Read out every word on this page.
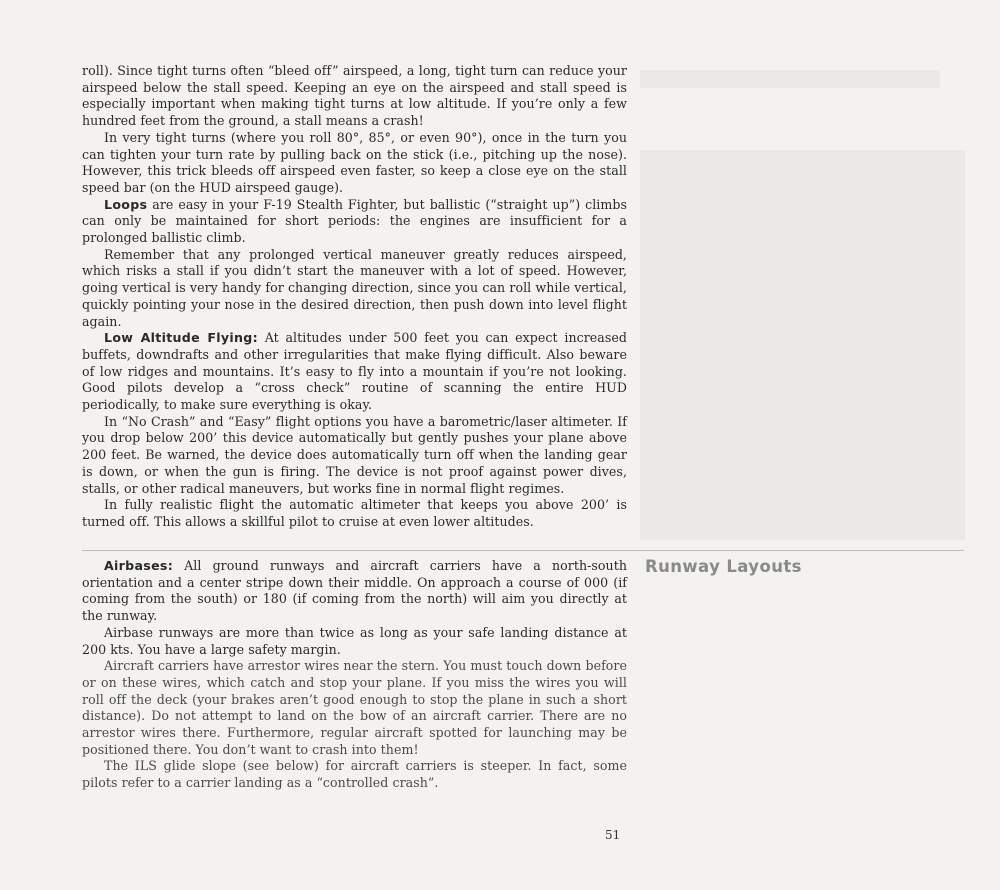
roll). Since tight turns often “bleed off” airspeed, a long, tight turn can reduce your airspeed below the stall speed. Keeping an eye on the airspeed and stall speed is especially important when making tight turns at low altitude. If you’re only a few hundred feet from the ground, a stall means a crash!

In very tight turns (where you roll 80°, 85°, or even 90°), once in the turn you can tighten your turn rate by pulling back on the stick (i.e., pitching up the nose). However, this trick bleeds off airspeed even faster, so keep a close eye on the stall speed bar (on the HUD airspeed gauge).

Loops are easy in your F-19 Stealth Fighter, but ballistic (“straight up”) climbs can only be maintained for short periods: the engines are insufficient for a prolonged ballistic climb.

Remember that any prolonged vertical maneuver greatly reduces airspeed, which risks a stall if you didn’t start the maneuver with a lot of speed. However, going vertical is very handy for changing direction, since you can roll while vertical, quickly pointing your nose in the desired direction, then push down into level flight again.

Low Altitude Flying: At altitudes under 500 feet you can expect increased buffets, downdrafts and other irregularities that make flying difficult. Also beware of low ridges and mountains. It’s easy to fly into a mountain if you’re not looking. Good pilots develop a “cross check” routine of scanning the entire HUD periodically, to make sure everything is okay.

In “No Crash” and “Easy” flight options you have a barometric/laser altimeter. If you drop below 200’ this device automatically but gently pushes your plane above 200 feet. Be warned, the device does automatically turn off when the landing gear is down, or when the gun is firing. The device is not proof against power dives, stalls, or other radical maneuvers, but works fine in normal flight regimes.

In fully realistic flight the automatic altimeter that keeps you above 200’ is turned off. This allows a skillful pilot to cruise at even lower altitudes.

Runway Layouts

Airbases: All ground runways and aircraft carriers have a north-south orientation and a center stripe down their middle. On approach a course of 000 (if coming from the south) or 180 (if coming from the north) will aim you directly at the runway.

Airbase runways are more than twice as long as your safe landing distance at 200 kts. You have a large safety margin.

Aircraft carriers have arrestor wires near the stern. You must touch down before or on these wires, which catch and stop your plane. If you miss the wires you will roll off the deck (your brakes aren’t good enough to stop the plane in such a short distance). Do not attempt to land on the bow of an aircraft carrier. There are no arrestor wires there. Furthermore, regular aircraft spotted for launching may be positioned there. You don’t want to crash into them!

The ILS glide slope (see below) for aircraft carriers is steeper. In fact, some pilots refer to a carrier landing as a “controlled crash”.

51
